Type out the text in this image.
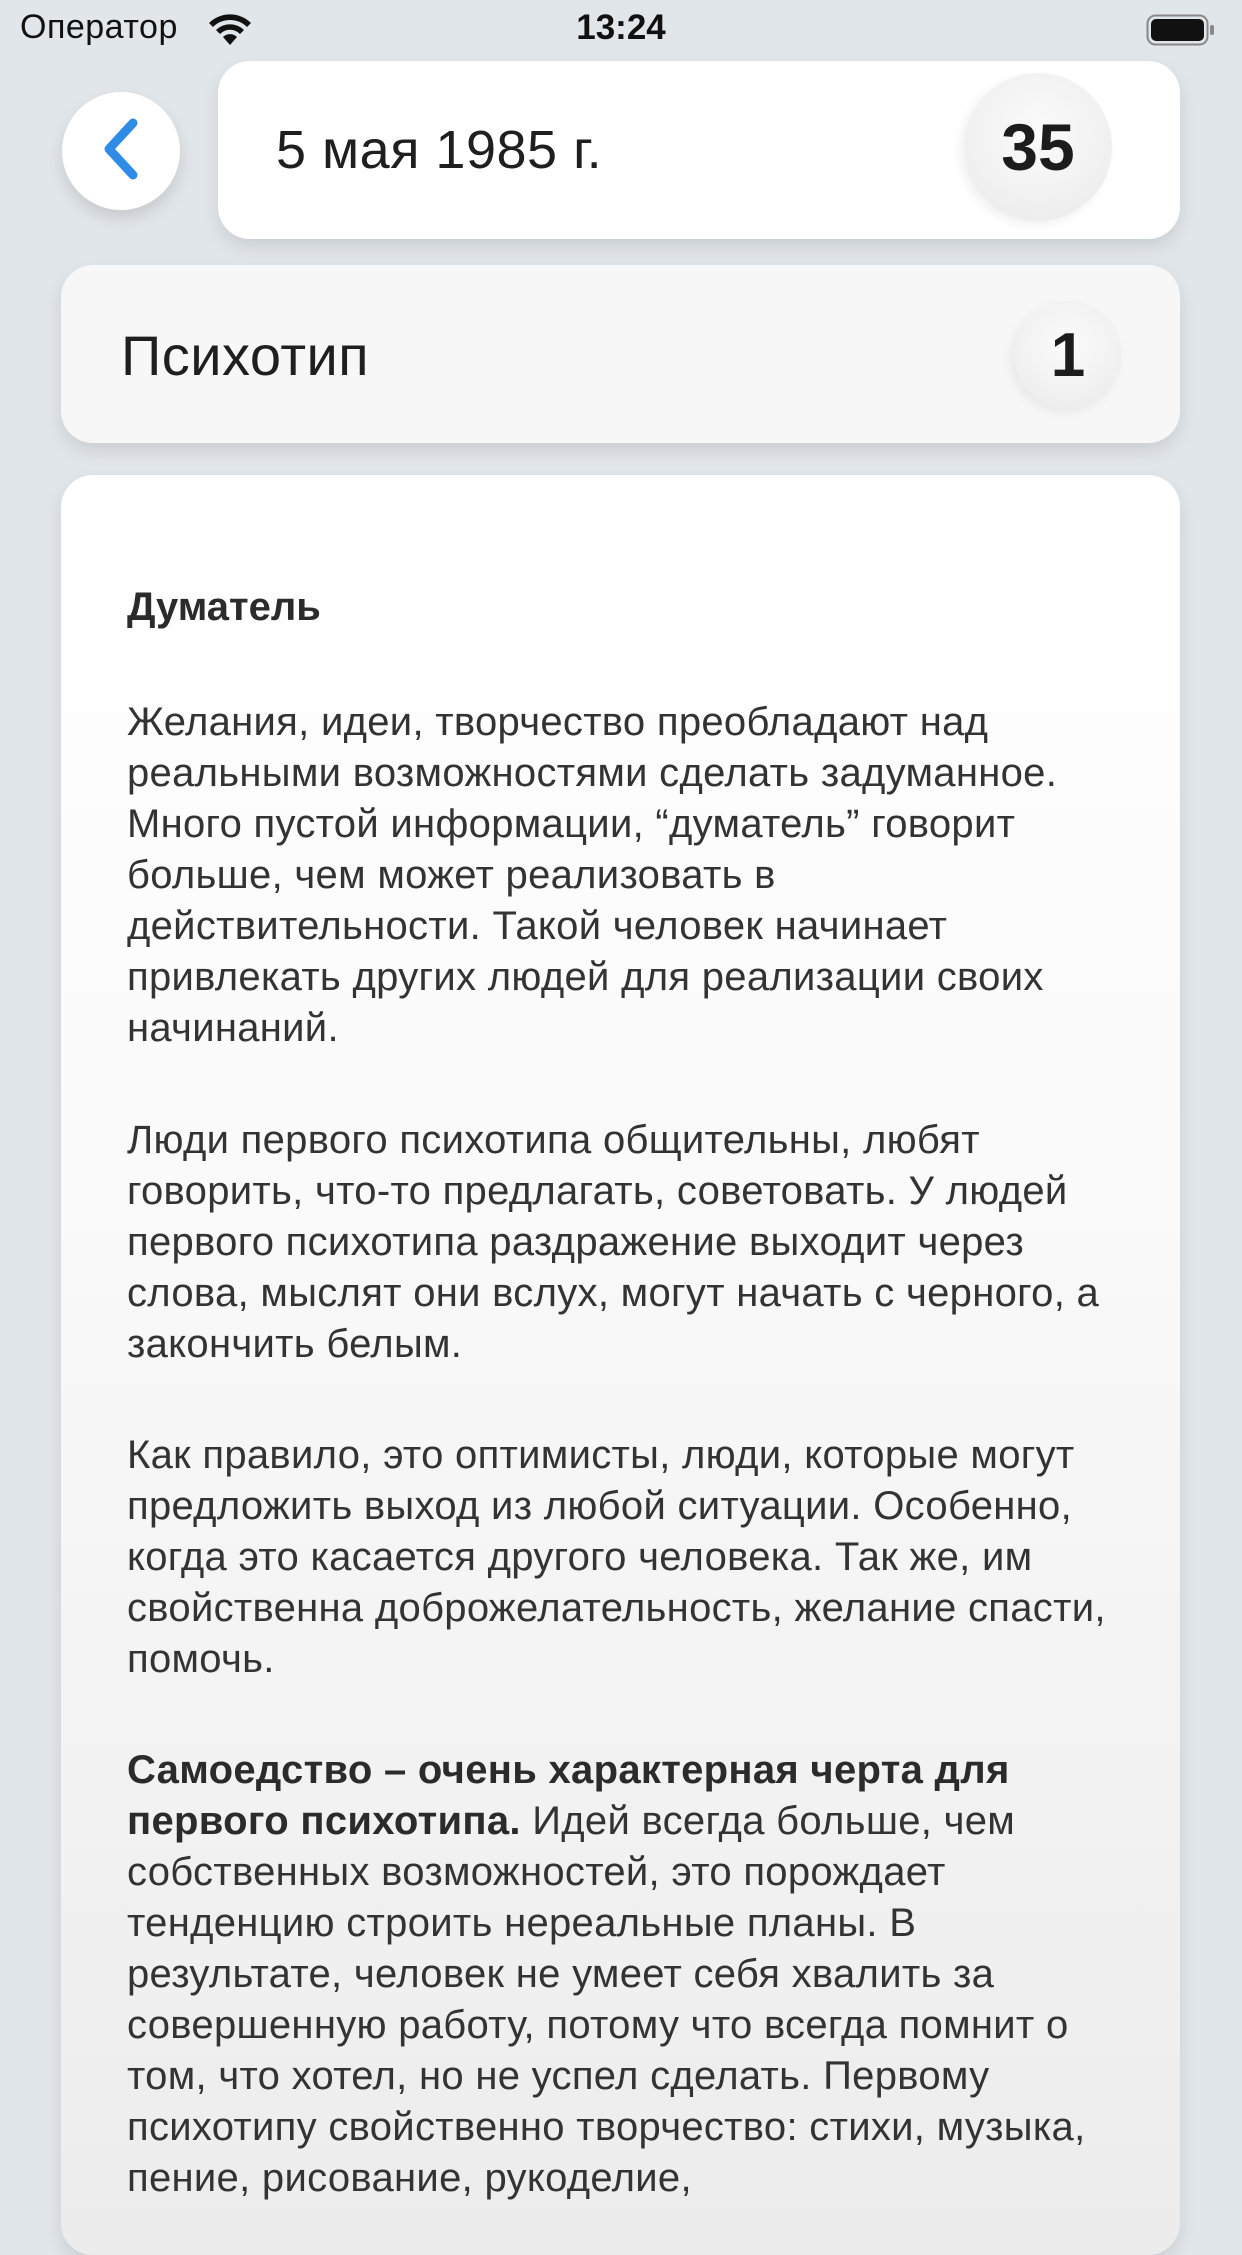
Оператор	13:24
5 мая 1985 г.	35
Психотип	1
Думатель

Желания, идеи, творчество преобладают над реальными возможностями сделать задуманное. Много пустой информации, “думатель” говорит больше, чем может реализовать в действительности. Такой человек начинает привлекать других людей для реализации своих начинаний.

Люди первого психотипа общительны, любят говорить, что-то предлагать, советовать. У людей первого психотипа раздражение выходит через слова, мыслят они вслух, могут начать с черного, а закончить белым.

Как правило, это оптимисты, люди, которые могут предложить выход из любой ситуации. Особенно, когда это касается другого человека. Так же, им свойственна доброжелательность, желание спасти, помочь.

Самоедство – очень характерная черта для первого психотипа. Идей всегда больше, чем собственных возможностей, это порождает тенденцию строить нереальные планы. В результате, человек не умеет себя хвалить за совершенную работу, потому что всегда помнит о том, что хотел, но не успел сделать. Первому психотипу свойственно творчество: стихи, музыка, пение, рисование, рукоделие,
